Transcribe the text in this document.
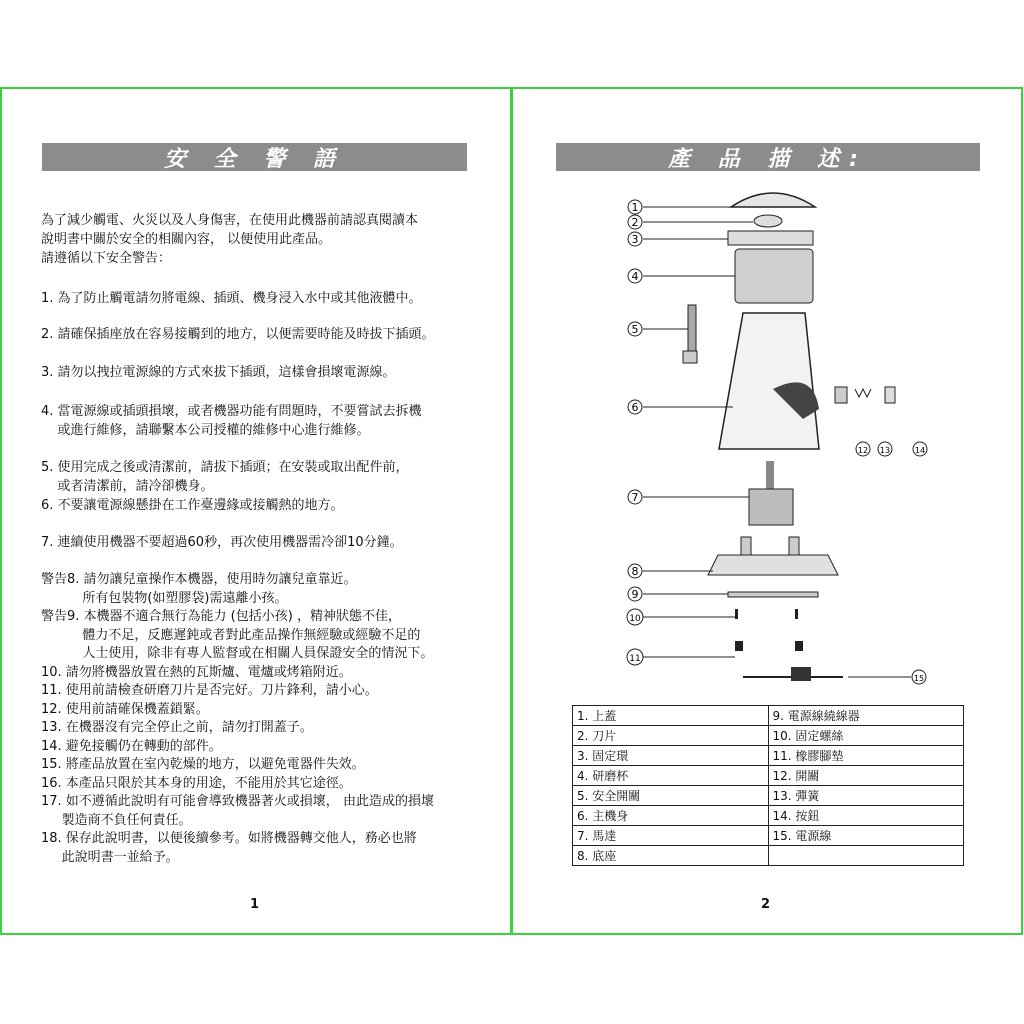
安 全 警 語
為了減少觸電、火災以及人身傷害，在使用此機器前請認真閱讀本
說明書中關於安全的相關內容， 以便使用此產品。
請遵循以下安全警告：
1. 為了防止觸電請勿將電線、插頭、機身浸入水中或其他液體中。
2. 請確保插座放在容易接觸到的地方，以便需要時能及時拔下插頭。
3. 請勿以拽拉電源線的方式來拔下插頭，這樣會損壞電源線。
4. 當電源線或插頭損壞，或者機器功能有問題時，不要嘗試去拆機
或進行維修，請聯繫本公司授權的維修中心進行維修。
5. 使用完成之後或清潔前，請拔下插頭；在安裝或取出配件前，
或者清潔前，請冷卻機身。
6. 不要讓電源線懸掛在工作臺邊緣或接觸熱的地方。
7. 連續使用機器不要超過60秒，再次使用機器需冷卻10分鐘。
警告8. 請勿讓兒童操作本機器，使用時勿讓兒童靠近。
所有包裝物(如塑膠袋)需遠離小孩。
警告9. 本機器不適合無行為能力 (包括小孩) ，精神狀態不佳，
體力不足，反應遲鈍或者對此產品操作無經驗或經驗不足的
人士使用，除非有專人監督或在相關人員保證安全的情況下。
10. 請勿將機器放置在熱的瓦斯爐、電爐或烤箱附近。
11. 使用前請檢查研磨刀片是否完好。刀片鋒利，請小心。
12. 使用前請確保機蓋鎖緊。
13. 在機器沒有完全停止之前，請勿打開蓋子。
14. 避免接觸仍在轉動的部件。
15. 將產品放置在室內乾燥的地方，以避免電器件失效。
16. 本產品只限於其本身的用途，不能用於其它途徑。
17. 如不遵循此說明有可能會導致機器著火或損壞， 由此造成的損壞
製造商不負任何責任。
18. 保存此說明書，以便後續參考。如將機器轉交他人，務必也將
此說明書一並給予。
1
產 品 描 述:
1
2
3
4
5
6
7
8
9
10
11
12 13	14
15
1. 上蓋	9. 電源線繞線器
2. 刀片	10. 固定螺絲
3. 固定環	11. 橡膠腳墊
4. 研磨杯	12. 開關
5. 安全開關	13. 彈簧
6. 主機身	14. 按鈕
7. 馬達	15. 電源線
8. 底座	
2
